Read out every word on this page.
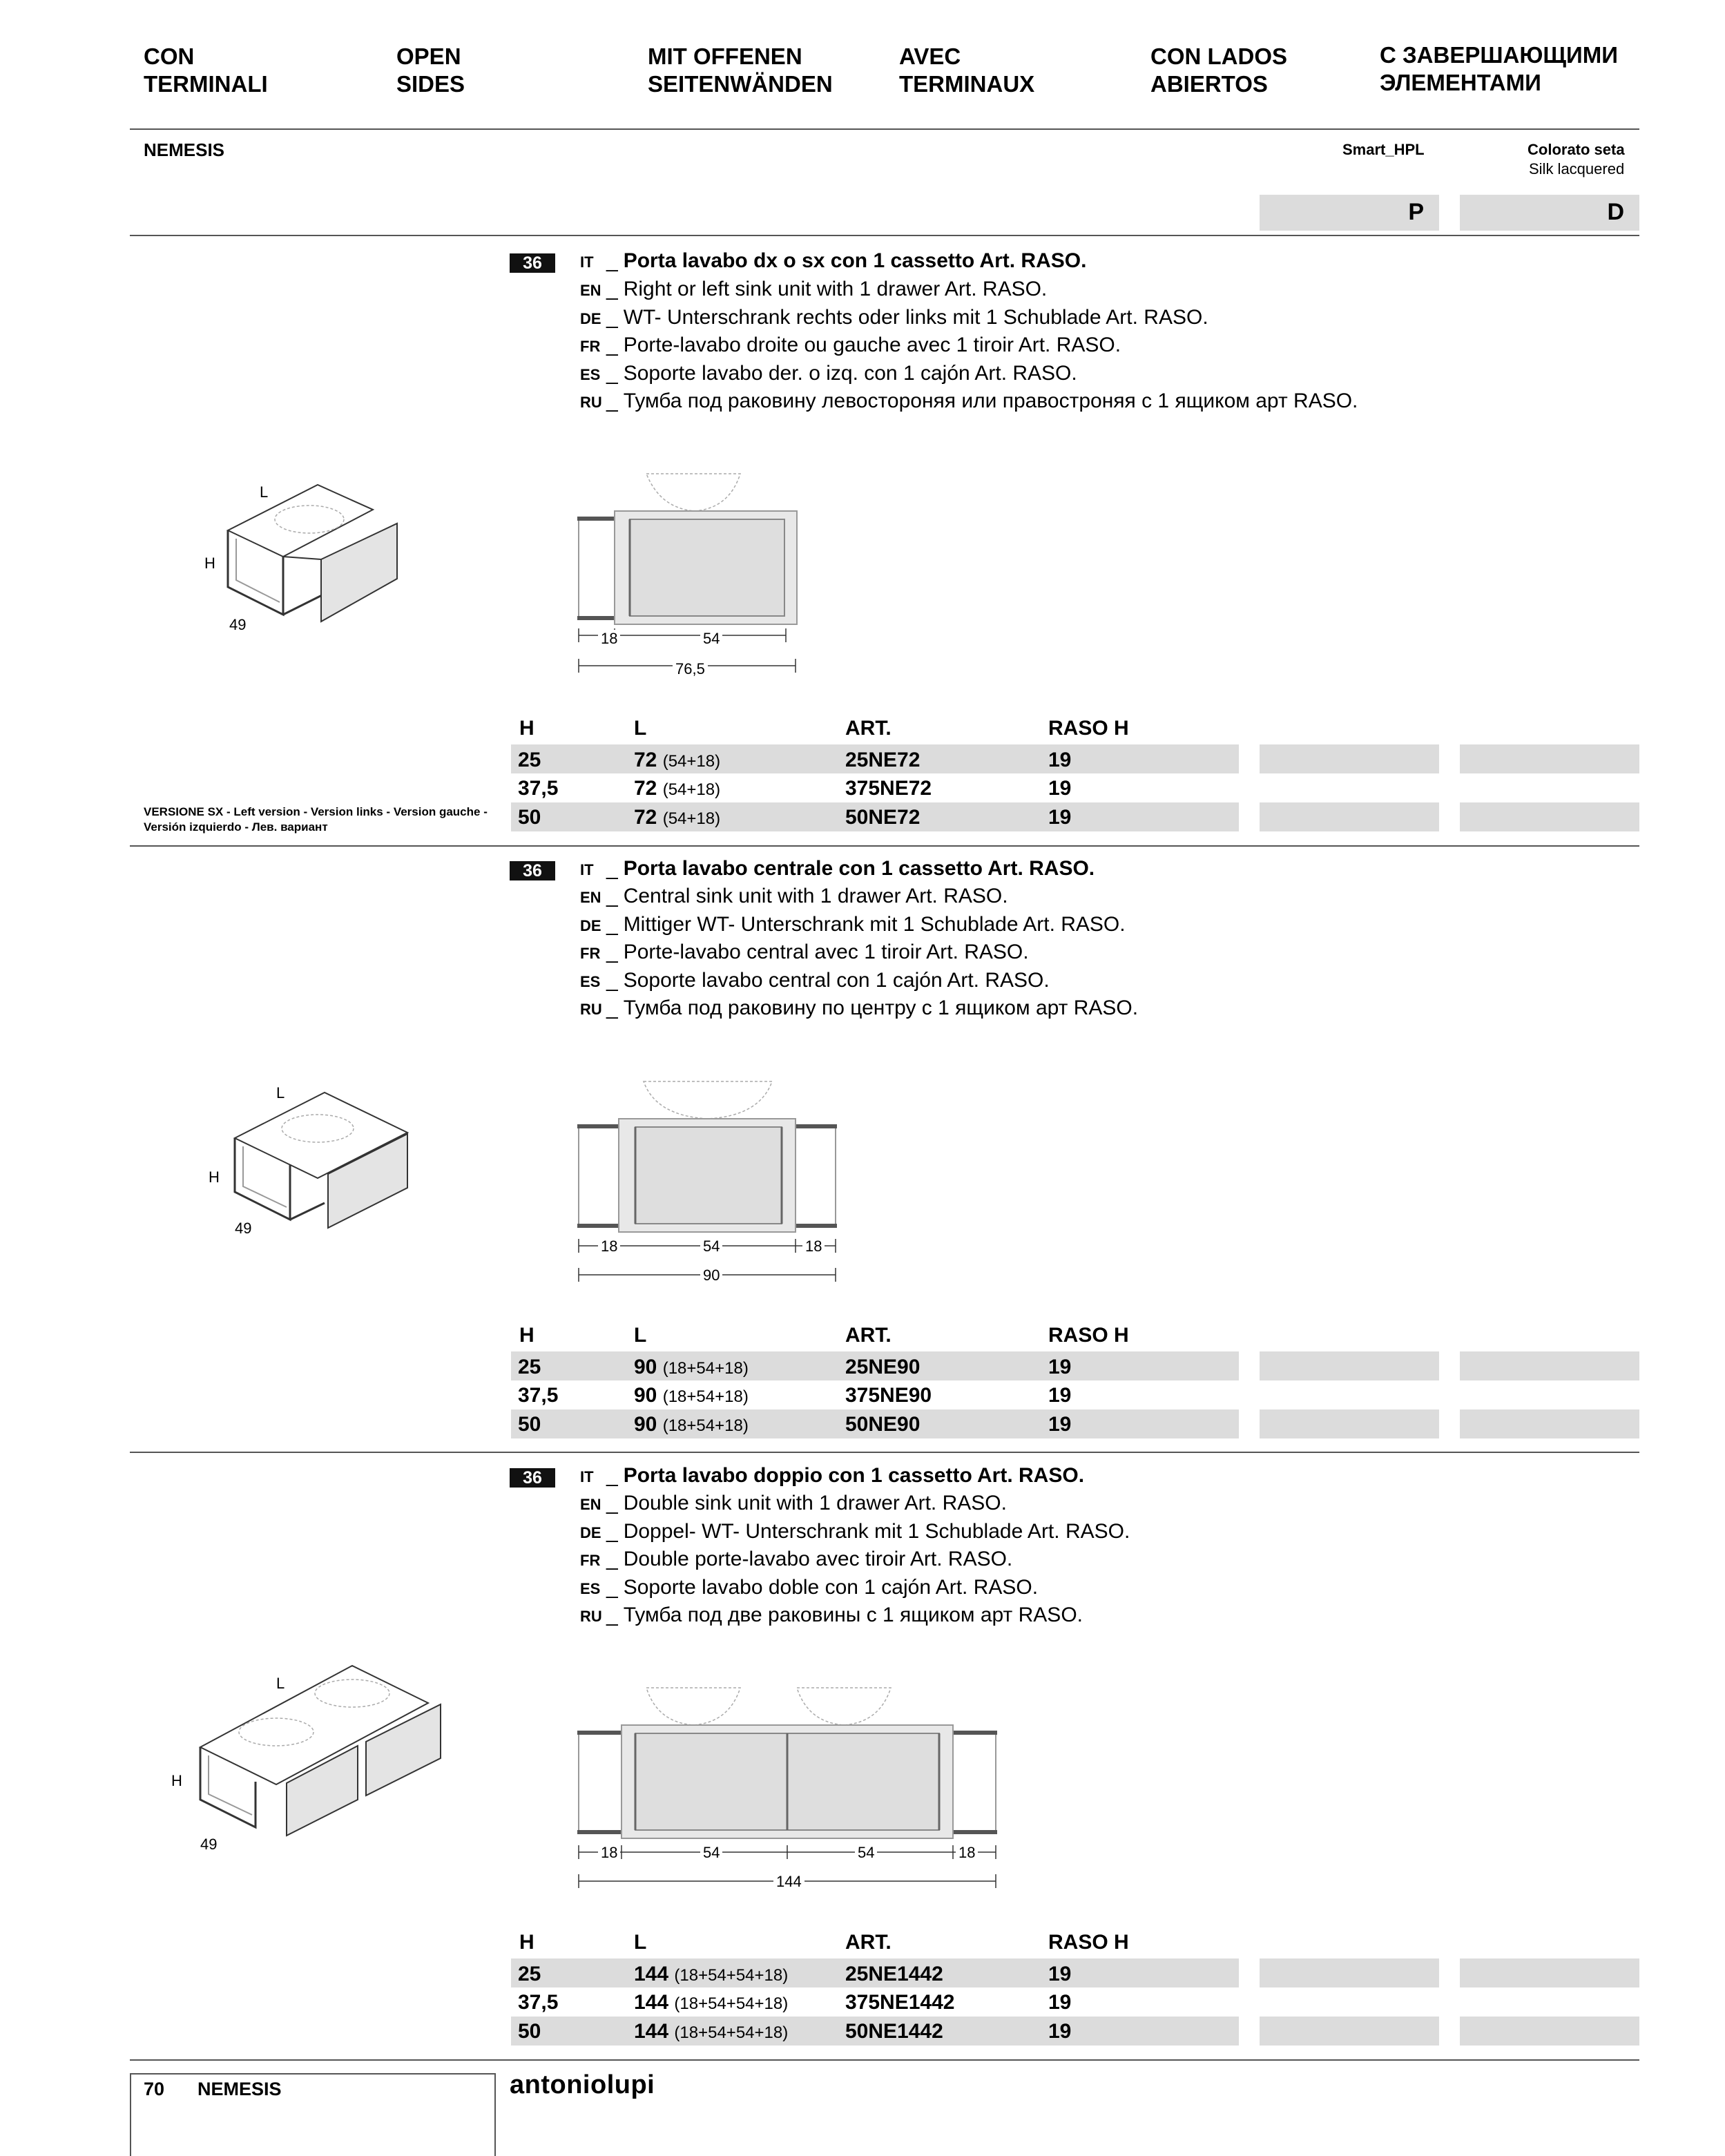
CON
TERMINALI
OPEN
SIDES
MIT OFFENEN
SEITENWÄNDEN
AVEC
TERMINAUX
CON LADOS
ABIERTOS
С ЗАВЕРШАЮЩИМИ
ЭЛЕМЕНТАМИ
NEMESIS	Smart_HPL	Colorato seta
Silk lacquered
P	D
36	IT _ Porta lavabo dx o sx con 1 cassetto Art. RASO.
EN _ Right or left sink unit with 1 drawer Art. RASO.
DE _ WT- Unterschrank rechts oder links mit 1 Schublade Art. RASO.
FR _ Porte-lavabo droite ou gauche avec 1 tiroir Art. RASO.
ES _ Soporte lavabo der. o izq. con 1 cajón Art. RASO.
RU _ Тумба под раковину левостороняя или правостроняя с 1 ящиком арт RASO.
L
H
49
18	54
76,5
H	L	ART.	RASO H
25	72 (54+18)	25NE72	19
37,5	72 (54+18)	375NE72	19
50	72 (54+18)	50NE72	19
VERSIONE SX - Left version - Version links - Version gauche - Versión izquierdo - Лев. вариант
36	IT _ Porta lavabo centrale con 1 cassetto Art. RASO.
EN _ Central sink unit with 1 drawer Art. RASO.
DE _ Mittiger WT- Unterschrank mit 1 Schublade Art. RASO.
FR _ Porte-lavabo central avec 1 tiroir Art. RASO.
ES _ Soporte lavabo central con 1 cajón Art. RASO.
RU _ Тумба под раковину по центру с 1 ящиком арт RASO.
L
H
49
18	54	18
90
H	L	ART.	RASO H
25	90 (18+54+18)	25NE90	19
37,5	90 (18+54+18)	375NE90	19
50	90 (18+54+18)	50NE90	19
36	IT _ Porta lavabo doppio con 1 cassetto Art. RASO.
EN _ Double sink unit with 1 drawer Art. RASO.
DE _ Doppel- WT- Unterschrank mit 1 Schublade Art. RASO.
FR _ Double porte-lavabo avec tiroir Art. RASO.
ES _ Soporte lavabo doble con 1 cajón Art. RASO.
RU _ Тумба под две раковины с 1 ящиком арт RASO.
L
H
49	18	54	54	18
144
H	L	ART.	RASO H
25	144 (18+54+54+18)	25NE1442	19
37,5	144 (18+54+54+18)	375NE1442	19
50	144 (18+54+54+18)	50NE1442	19
70 NEMESIS	antoniolupi
